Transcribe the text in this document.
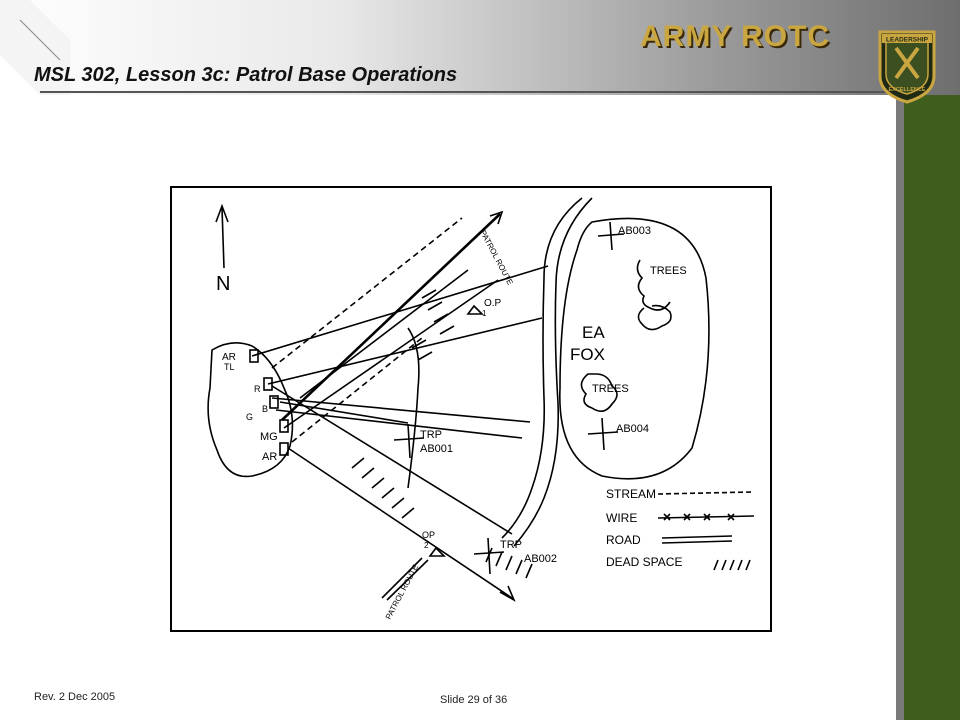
MSL 302, Lesson 3c: Patrol Base Operations
ARMY ROTC	LEADERSHIP
EXCELLENCE
N
AB003
TREES
EA
FOX
TREES
AB004
O.P
1
PATROL ROUTE
TRP
AB001
TRP
AB002
OP
2
PATROL ROUTE
AR
TL
R
G
B
MG
AR
STREAM
WIRE
ROAD
DEAD SPACE
Rev. 2 Dec 2005	Slide 29 of 36
